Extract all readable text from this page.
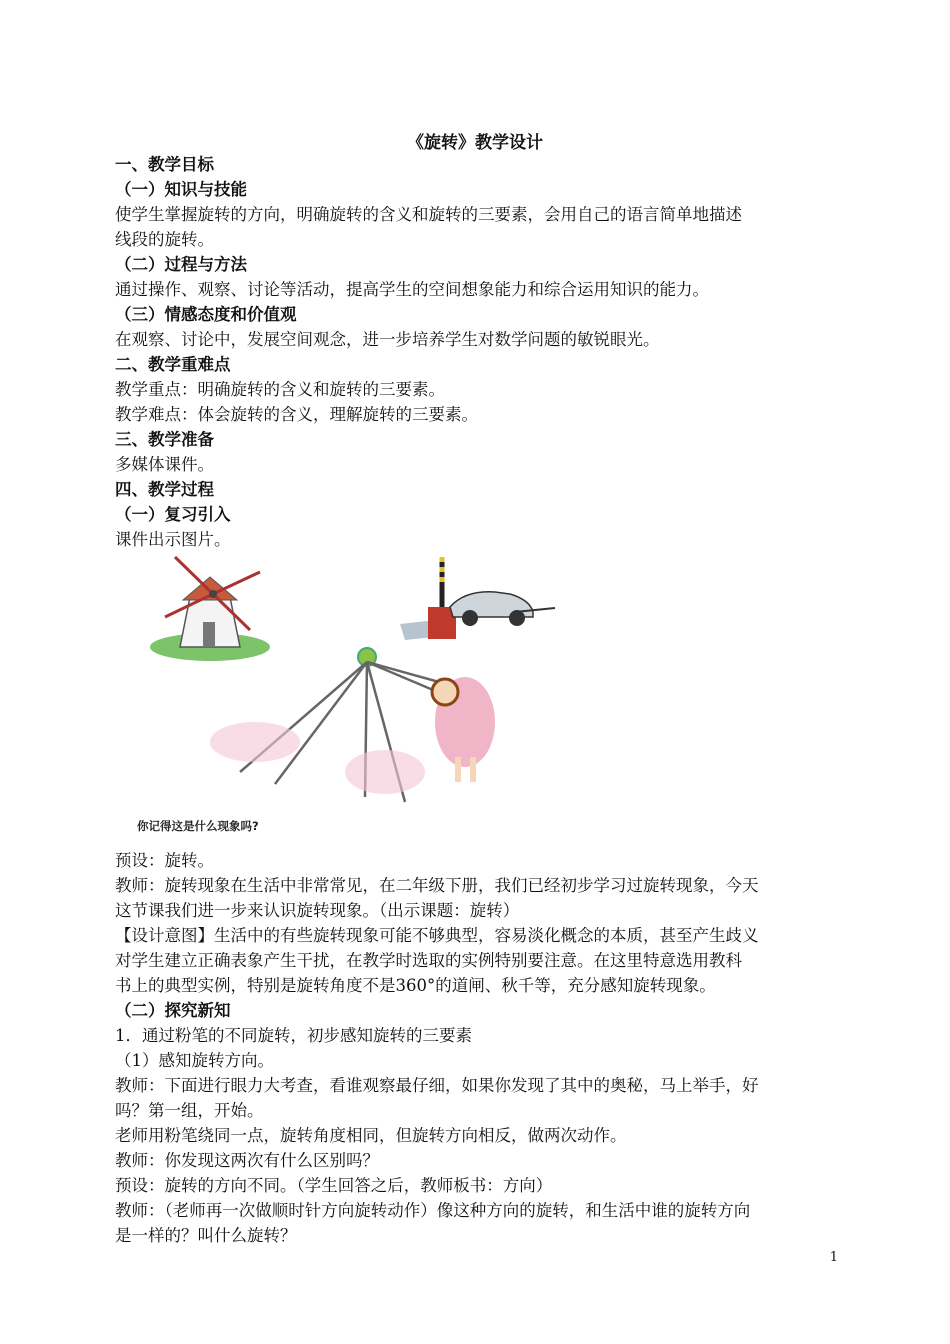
《旋转》教学设计
一、教学目标
（一）知识与技能
使学生掌握旋转的方向，明确旋转的含义和旋转的三要素，会用自己的语言简单地描述
线段的旋转。
（二）过程与方法
通过操作、观察、讨论等活动，提高学生的空间想象能力和综合运用知识的能力。
（三）情感态度和价值观
在观察、讨论中，发展空间观念，进一步培养学生对数学问题的敏锐眼光。
二、教学重难点
教学重点：明确旋转的含义和旋转的三要素。
教学难点：体会旋转的含义，理解旋转的三要素。
三、教学准备
多媒体课件。
四、教学过程
（一）复习引入
课件出示图片。
你记得这是什么现象吗?
预设：旋转。
教师：旋转现象在生活中非常常见，在二年级下册，我们已经初步学习过旋转现象，今天
这节课我们进一步来认识旋转现象。（出示课题：旋转）
【设计意图】生活中的有些旋转现象可能不够典型，容易淡化概念的本质，甚至产生歧义
对学生建立正确表象产生干扰，在教学时选取的实例特别要注意。在这里特意选用教科
书上的典型实例，特别是旋转角度不是360°的道闸、秋千等，充分感知旋转现象。
（二）探究新知
1．通过粉笔的不同旋转，初步感知旋转的三要素
（1）感知旋转方向。
教师：下面进行眼力大考查，看谁观察最仔细，如果你发现了其中的奥秘，马上举手，好
吗？第一组，开始。
老师用粉笔绕同一点，旋转角度相同，但旋转方向相反，做两次动作。
教师：你发现这两次有什么区别吗？
预设：旋转的方向不同。（学生回答之后，教师板书：方向）
教师：（老师再一次做顺时针方向旋转动作）像这种方向的旋转，和生活中谁的旋转方向
是一样的？叫什么旋转？
1
